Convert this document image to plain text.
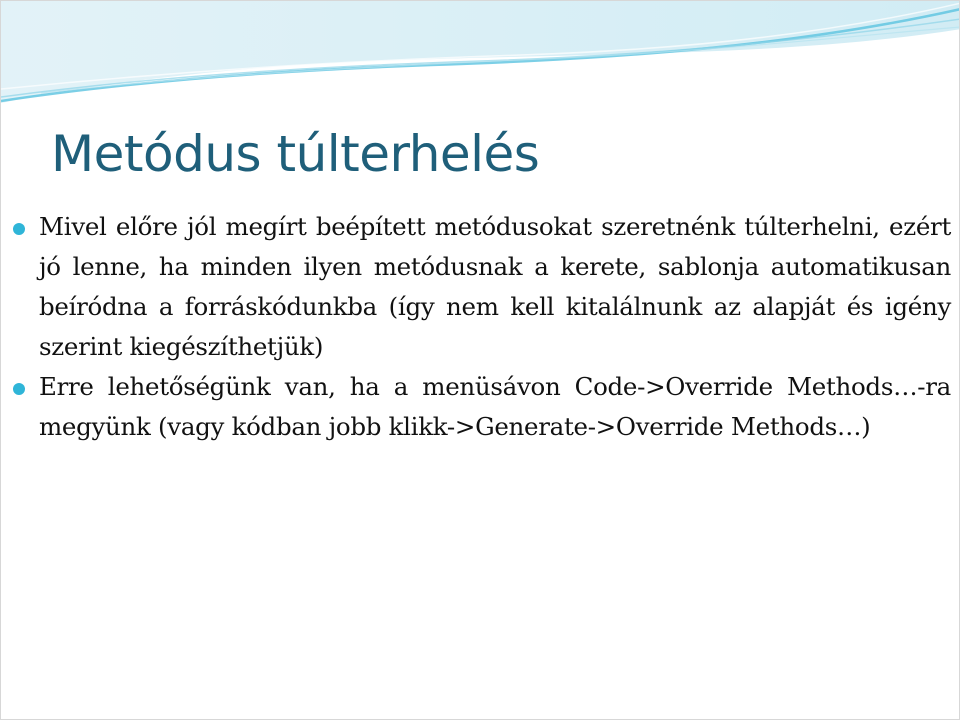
Metódus túlterhelés
Mivel előre jól megírt beépített metódusokat szeretnénk túlterhelni, ezért jó lenne, ha minden ilyen metódusnak a kerete, sablonja automatikusan beíródna a forráskódunkba (így nem kell kitalálnunk az alapját és igény szerint kiegészíthetjük)
Erre lehetőségünk van, ha a menüsávon Code->Override Methods…-ra megyünk (vagy kódban jobb klikk->Generate->Override Methods…)
